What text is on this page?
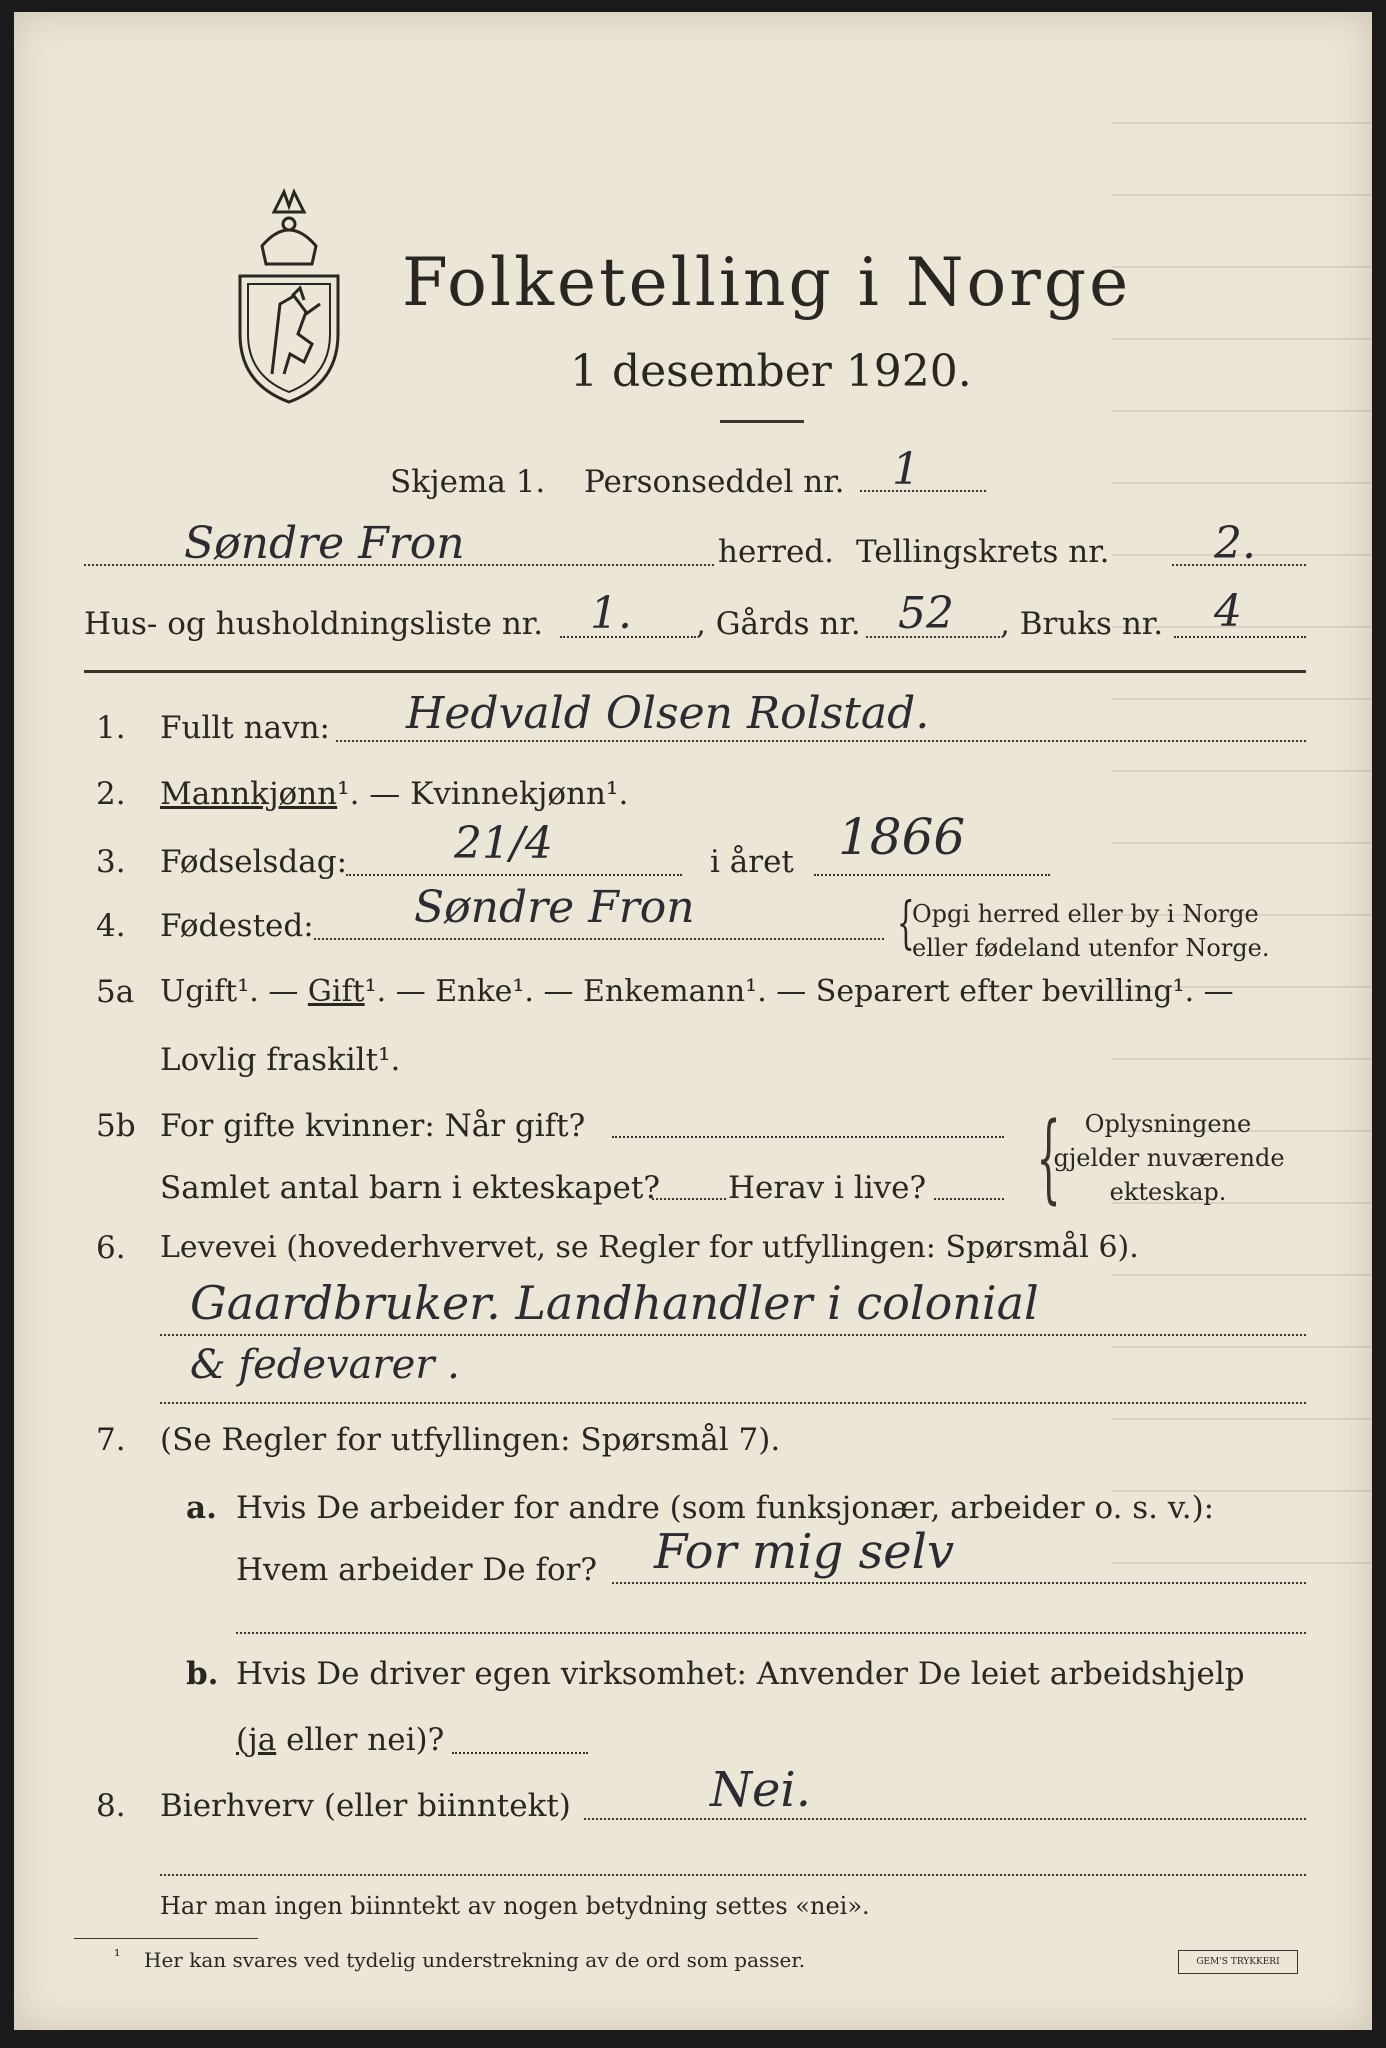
Folketelling i Norge
1 desember 1920.
Skjema 1. Personseddel nr. 1
Søndre Fron	herred. Tellingskrets nr. 2.
Hus- og husholdningsliste nr. 1. , Gårds nr. 52 , Bruks nr. 4
1. Fullt navn: Hedvald Olsen Rolstad.
2. Mannkjønn¹. — Kvinnekjønn¹.
3. Fødselsdag: 21/4	i året 1866
4. Fødested: Søndre Fron	{
Opgi herred eller by i Norge
eller fødeland utenfor Norge.
5a Ugift¹. — Gift¹. — Enke¹. — Enkemann¹. — Separert efter bevilling¹. —
Lovlig fraskilt¹.
5b For gifte kvinner: Når gift?
Samlet antal barn i ekteskapet? Herav i live? { Oplysningene
gjelder nuværende
ekteskap.
6. Levevei (hovederhvervet, se Regler for utfyllingen: Spørsmål 6).
Gaardbruker. Landhandler i colonial
& fedevarer .
7. (Se Regler for utfyllingen: Spørsmål 7).
a. Hvis De arbeider for andre (som funksjonær, arbeider o. s. v.):
Hvem arbeider De for? For mig selv
b. Hvis De driver egen virksomhet: Anvender De leiet arbeidshjelp
(ja eller nei)?
8. Bierhverv (eller biinntekt)	Nei.
Har man ingen biinntekt av nogen betydning settes «nei».
¹ Her kan svares ved tydelig understrekning av de ord som passer.	GEM'S TRYKKERI
